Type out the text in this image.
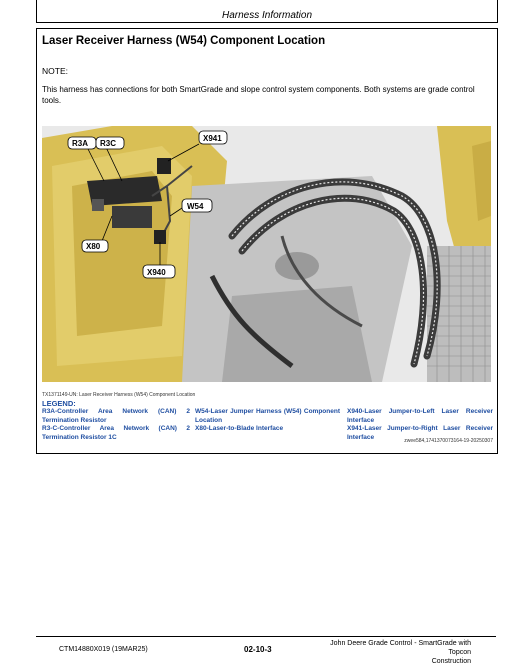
Harness Information
Laser Receiver Harness (W54) Component Location
NOTE:
This harness has connections for both SmartGrade and slope control system components. Both systems are grade control tools.
R3A R3C
X941
W54
X80
X940
TX1371149-UN: Laser Receiver Harness (W54) Component Location
LEGEND:
R3A-Controller Area Network (CAN) 2 Termination Resistor
R3-C-Controller Area Network (CAN) 2 Termination Resistor 1C
W54-Laser Jumper Harness (W54) Component Location
X80-Laser-to-Blade Interface
X940-Laser Jumper-to-Left Laser Receiver Interface
X941-Laser Jumper-to-Right Laser Receiver Interface
zwee584,1741370073164-19-20250307
CTM14880X019 (19MAR25)	02-10-3
John Deere Grade Control - SmartGrade with Topcon
Construction
